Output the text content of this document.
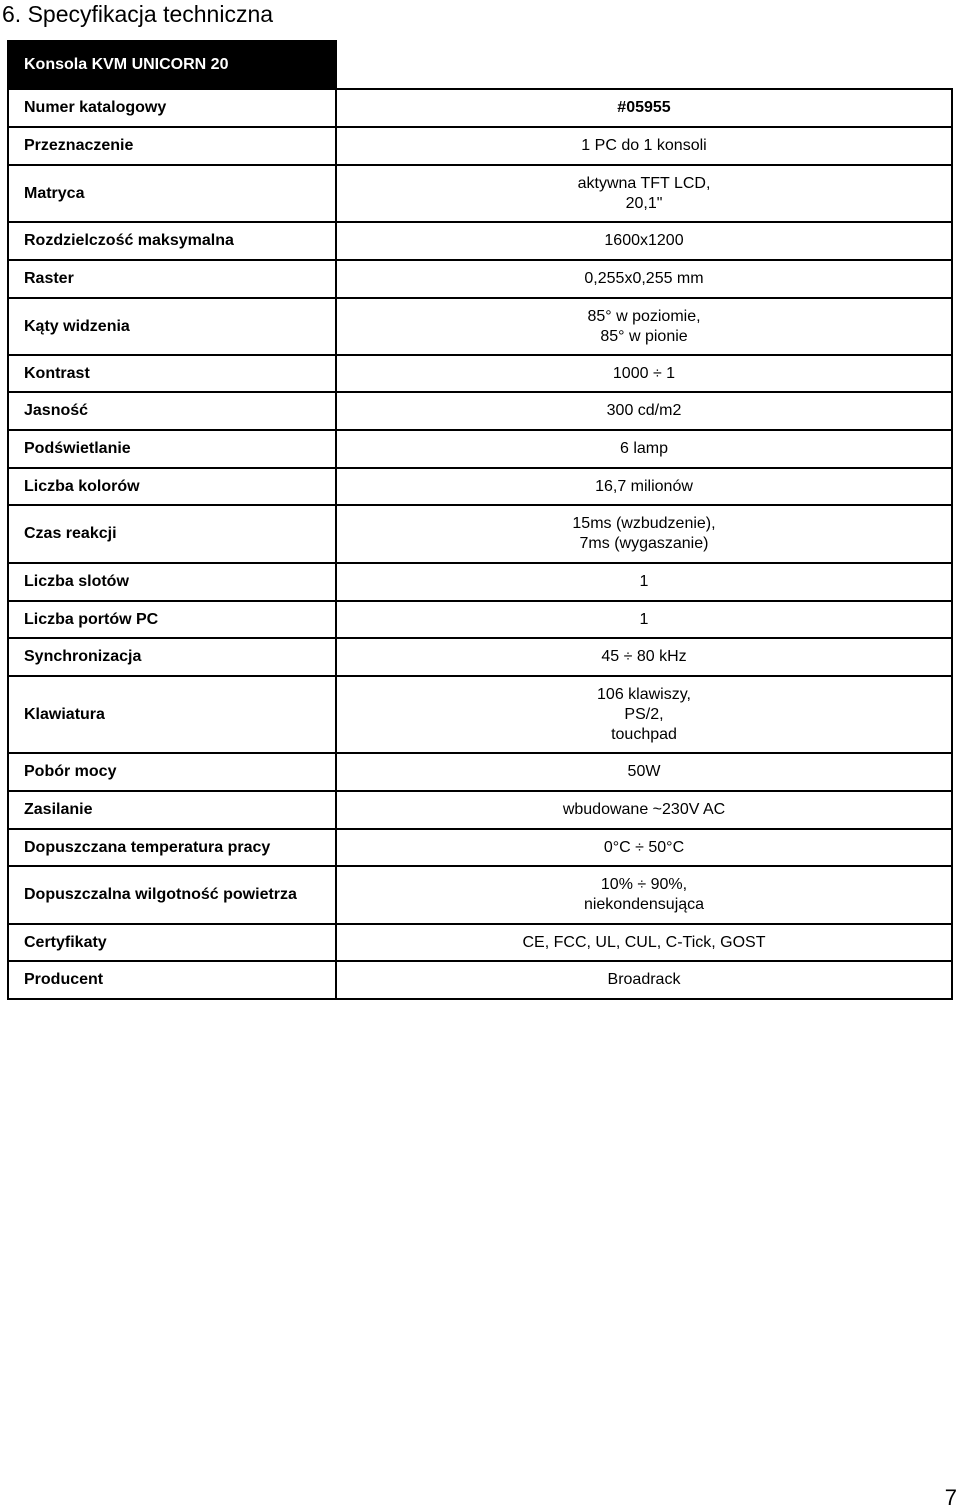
6. Specyfikacja techniczna
Konsola KVM UNICORN 20	
Numer katalogowy	#05955
Przeznaczenie	1 PC do 1 konsoli
Matryca	aktywna TFT LCD,
20,1"
Rozdzielczość maksymalna	1600x1200
Raster	0,255x0,255 mm
Kąty widzenia	85° w poziomie,
85° w pionie
Kontrast	1000 ÷ 1
Jasność	300 cd/m2
Podświetlanie	6 lamp
Liczba kolorów	16,7 milionów
Czas reakcji	15ms (wzbudzenie),
7ms (wygaszanie)
Liczba slotów	1
Liczba portów PC	1
Synchronizacja	45 ÷ 80 kHz
Klawiatura	106 klawiszy,
PS/2,
touchpad
Pobór mocy	50W
Zasilanie	wbudowane ~230V AC
Dopuszczana temperatura pracy	0°C ÷ 50°C
Dopuszczalna wilgotność powietrza	10% ÷ 90%,
niekondensująca
Certyfikaty	CE, FCC, UL, CUL, C-Tick, GOST
Producent	Broadrack
7
